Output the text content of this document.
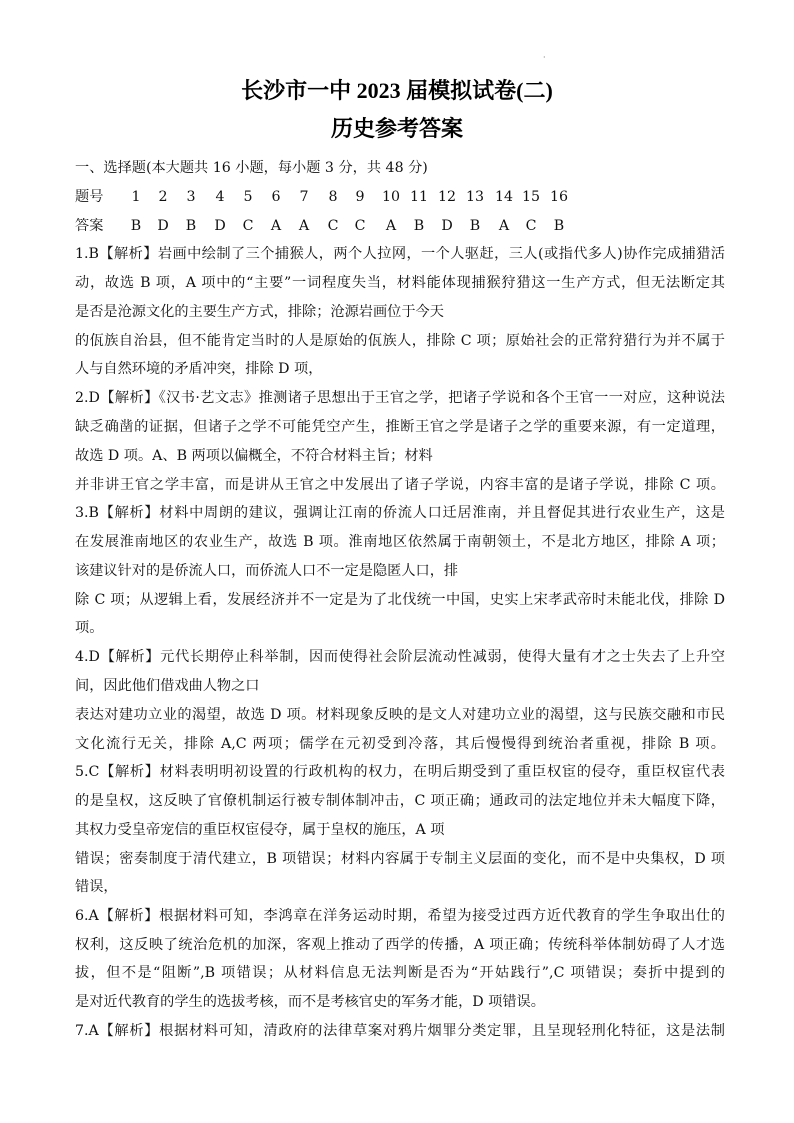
·
长沙市一中 2023 届模拟试卷(二)
历史参考答案
一、选择题(本大题共 16 小题，每小题 3 分，共 48 分)
题号	1	2	3	4	5	6	7	8	9	10 11 12 13 14 15 16
答案	B	D	B	D	C	A	A	C	C	A	B	D	B	A	C	B
1.B【解析】岩画中绘制了三个捕猴人，两个人拉网，一个人驱赶，三人(或指代多人)协作完成捕猎活
动，故选 B 项，A 项中的“主要”一词程度失当，材料能体现捕猴狩猎这一生产方式，但无法断定其
是否是沧源文化的主要生产方式，排除；沧源岩画位于今天
的佤族自治县，但不能肯定当时的人是原始的佤族人，排除 C 项；原始社会的正常狩猎行为并不属于
人与自然环境的矛盾冲突，排除 D 项，
2.D【解析】《汉书·艺文志》推测诸子思想出于王官之学，把诸子学说和各个王官一一对应，这种说法
缺乏确凿的证据，但诸子之学不可能凭空产生，推断王官之学是诸子之学的重要来源，有一定道理，
故选 D 项。A、B 两项以偏概全，不符合材料主旨；材料
并非讲王官之学丰富，而是讲从王官之中发展出了诸子学说，内容丰富的是诸子学说，排除 C 项。
3.B【解析】材料中周朗的建议，强调让江南的侨流人口迁居淮南，并且督促其进行农业生产，这是
在发展淮南地区的农业生产，故选 B 项。淮南地区依然属于南朝领土，不是北方地区，排除 A 项；
该建议针对的是侨流人口，而侨流人口不一定是隐匿人口，排
除 C 项；从逻辑上看，发展经济并不一定是为了北伐统一中国，史实上宋孝武帝时未能北伐，排除 D
项。
4.D【解析】元代长期停止科举制，因而使得社会阶层流动性减弱，使得大量有才之士失去了上升空
间，因此他们借戏曲人物之口
表达对建功立业的渴望，故选 D 项。材料现象反映的是文人对建功立业的渴望，这与民族交融和市民
文化流行无关，排除 A,C 两项；儒学在元初受到冷落，其后慢慢得到统治者重视，排除 B 项。
5.C【解析】材料表明明初设置的行政机构的权力，在明后期受到了重臣权宦的侵夺，重臣权宦代表
的是皇权，这反映了官僚机制运行被专制体制冲击，C 项正确；通政司的法定地位并未大幅度下降，
其权力受皇帝宠信的重臣权宦侵夺，属于皇权的施压，A 项
错误；密奏制度于清代建立，B 项错误；材料内容属于专制主义层面的变化，而不是中央集权，D 项
错误，
6.A【解析】根据材料可知，李鸿章在洋务运动时期，希望为接受过西方近代教育的学生争取出仕的
权利，这反映了统治危机的加深，客观上推动了西学的传播，A 项正确；传统科举体制妨碍了人才选
拔，但不是“阻断”,B 项错误；从材料信息无法判断是否为“开姑践行”,C 项错误；奏折中提到的
是对近代教育的学生的选拔考核，而不是考核官史的军务才能，D 项错误。
7.A【解析】根据材料可知，清政府的法律草案对鸦片烟罪分类定罪，且呈现轻刑化特征，这是法制
